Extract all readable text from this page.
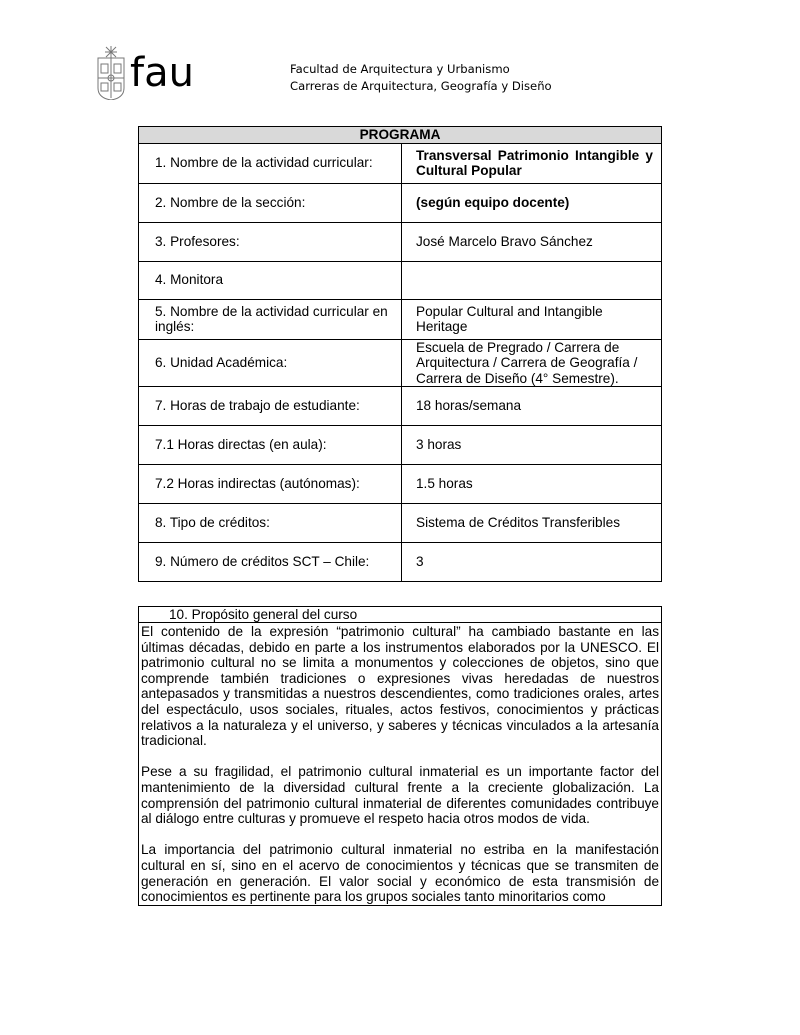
fau	Facultad de Arquitectura y Urbanismo
Carreras de Arquitectura, Geografía y Diseño
PROGRAMA	
1. Nombre de la actividad curricular:	Transversal Patrimonio Intangible y Cultural Popular
2. Nombre de la sección:	(según equipo docente)
3. Profesores:	José Marcelo Bravo Sánchez
4. Monitora	
5. Nombre de la actividad curricular en inglés:	Popular Cultural and Intangible Heritage
6. Unidad Académica:	Escuela de Pregrado / Carrera de Arquitectura / Carrera de Geografía / Carrera de Diseño (4° Semestre).
7. Horas de trabajo de estudiante:	18 horas/semana
7.1 Horas directas (en aula):	3 horas
7.2 Horas indirectas (autónomas):	1.5 horas
8. Tipo de créditos:	Sistema de Créditos Transferibles
9. Número de créditos SCT – Chile:	3
10. Propósito general del curso

El contenido de la expresión “patrimonio cultural” ha cambiado bastante en las últimas décadas, debido en parte a los instrumentos elaborados por la UNESCO. El patrimonio cultural no se limita a monumentos y colecciones de objetos, sino que comprende también tradiciones o expresiones vivas heredadas de nuestros antepasados y transmitidas a nuestros descendientes, como tradiciones orales, artes del espectáculo, usos sociales, rituales, actos festivos, conocimientos y prácticas relativos a la naturaleza y el universo, y saberes y técnicas vinculados a la artesanía tradicional.

Pese a su fragilidad, el patrimonio cultural inmaterial es un importante factor del mantenimiento de la diversidad cultural frente a la creciente globalización. La comprensión del patrimonio cultural inmaterial de diferentes comunidades contribuye al diálogo entre culturas y promueve el respeto hacia otros modos de vida.

La importancia del patrimonio cultural inmaterial no estriba en la manifestación cultural en sí, sino en el acervo de conocimientos y técnicas que se transmiten de generación en generación. El valor social y económico de esta transmisión de conocimientos es pertinente para los grupos sociales tanto minoritarios como
